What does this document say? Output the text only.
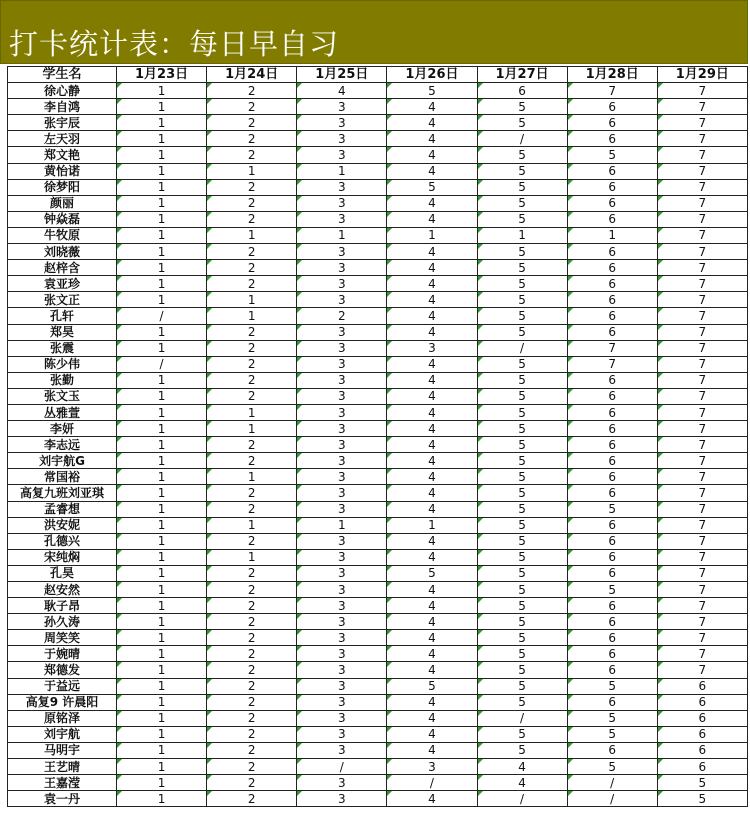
打卡统计表：每日早自习
学生名	1月23日	1月24日	1月25日	1月26日	1月27日	1月28日	1月29日
徐心静	1	2	4	5	6	7	7
李自鸿	1	2	3	4	5	6	7
张宇辰	1	2	3	4	5	6	7
左天羽	1	2	3	4	/	6	7
郑文艳	1	2	3	4	5	5	7
黄怡诺	1	1	1	4	5	6	7
徐梦阳	1	2	3	5	5	6	7
颜丽	1	2	3	4	5	6	7
钟焱磊	1	2	3	4	5	6	7
牛牧原	1	1	1	1	1	1	7
刘晓薇	1	2	3	4	5	6	7
赵梓含	1	2	3	4	5	6	7
袁亚珍	1	2	3	4	5	6	7
张文正	1	1	3	4	5	6	7
孔轩	/	1	2	4	5	6	7
郑昊	1	2	3	4	5	6	7
张震	1	2	3	3	/	7	7
陈少伟	/	2	3	4	5	7	7
张勤	1	2	3	4	5	6	7
张文玉	1	2	3	4	5	6	7
丛雅萱	1	1	3	4	5	6	7
李妍	1	1	3	4	5	6	7
李志远	1	2	3	4	5	6	7
刘宇航G	1	2	3	4	5	6	7
常国裕	1	1	3	4	5	6	7
高复九班刘亚琪	1	2	3	4	5	6	7
孟睿想	1	2	3	4	5	5	7
洪安妮	1	1	1	1	5	6	7
孔德兴	1	2	3	4	5	6	7
宋纯焖	1	1	3	4	5	6	7
孔昊	1	2	3	5	5	6	7
赵安然	1	2	3	4	5	5	7
耿子昂	1	2	3	4	5	6	7
孙久涛	1	2	3	4	5	6	7
周笑笑	1	2	3	4	5	6	7
于婉晴	1	2	3	4	5	6	7
郑德发	1	2	3	4	5	6	7
于益远	1	2	3	5	5	5	6
高复9 许晨阳	1	2	3	4	5	6	6
原铭泽	1	2	3	4	/	5	6
刘宇航	1	2	3	4	5	5	6
马明宇	1	2	3	4	5	6	6
王艺晴	1	2	/	3	4	5	6
王嘉滢	1	2	3	/	4	/	5
袁一丹	1	2	3	4	/	/	5
